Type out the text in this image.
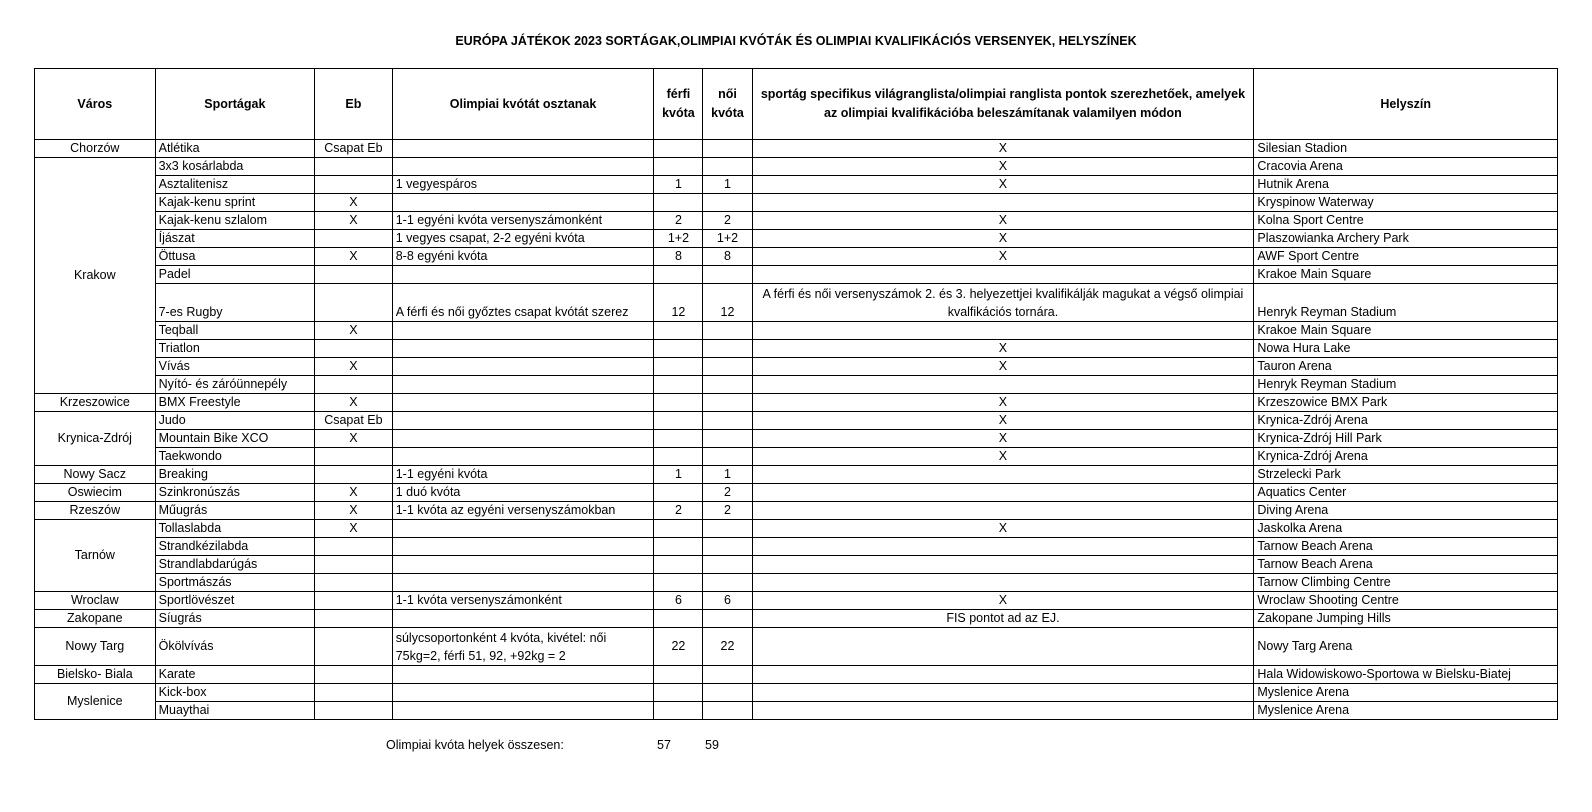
EURÓPA JÁTÉKOK 2023 SORTÁGAK,OLIMPIAI KVÓTÁK ÉS OLIMPIAI KVALIFIKÁCIÓS VERSENYEK, HELYSZÍNEK
Város	Sportágak	Eb	Olimpiai kvótát osztanak	férfi kvóta	női kvóta	sportág specifikus világranglista/olimpiai ranglista pontok szerezhetőek, amelyek az olimpiai kvalifikációba beleszámítanak valamilyen módon	Helyszín
Chorzów	Atlétika	Csapat Eb				X	Silesian Stadion
Krakow	3x3 kosárlabda					X	Cracovia Arena
	Asztalitenisz		1 vegyespáros	1	1	X	Hutnik Arena
	Kajak-kenu sprint	X					Kryspinow Waterway
	Kajak-kenu szlalom	X	1-1 egyéni kvóta versenyszámonként	2	2	X	Kolna Sport Centre
	Íjászat		1 vegyes csapat, 2-2 egyéni kvóta	1+2	1+2	X	Plaszowianka Archery Park
	Öttusa	X	8-8 egyéni kvóta	8	8	X	AWF Sport Centre
	Padel						Krakoe Main Square
	7-es Rugby		A férfi és női győztes csapat kvótát szerez	12	12	A férfi és női versenyszámok 2. és 3. helyezettjei kvalifikálják magukat a végső olimpiai kvalfikációs tornára.	Henryk Reyman Stadium
	Teqball	X					Krakoe Main Square
	Triatlon					X	Nowa Hura Lake
	Vívás	X				X	Tauron Arena
	Nyító- és záróünnepély						Henryk Reyman Stadium
Krzeszowice	BMX Freestyle	X				X	Krzeszowice BMX Park
Krynica-Zdrój	Judo	Csapat Eb				X	Krynica-Zdrój Arena
	Mountain Bike XCO	X				X	Krynica-Zdrój Hill Park
	Taekwondo					X	Krynica-Zdrój Arena
Nowy Sacz	Breaking		1-1 egyéni kvóta	1	1		Strzelecki Park
Oswiecim	Szinkronúszás	X	1 duó kvóta		2		Aquatics Center
Rzeszów	Műugrás	X	1-1 kvóta az egyéni versenyszámokban	2	2		Diving Arena
Tarnów	Tollaslabda	X				X	Jaskolka Arena
	Strandkézilabda						Tarnow Beach Arena
	Strandlabdarúgás						Tarnow Beach Arena
	Sportmászás						Tarnow Climbing Centre
Wroclaw	Sportlövészet		1-1 kvóta versenyszámonként	6	6	X	Wroclaw Shooting Centre
Zakopane	Síugrás					FIS pontot ad az EJ.	Zakopane Jumping Hills
Nowy Targ	Ökölvívás		súlycsoportonként 4 kvóta, kivétel: női 75kg=2, férfi 51, 92, +92kg = 2	22	22		Nowy Targ Arena
Bielsko- Biala	Karate						Hala Widowiskowo-Sportowa w Bielsku-Biatej
Myslenice	Kick-box						Myslenice Arena
	Muaythai						Myslenice Arena
Olimpiai kvóta helyek összesen:	57	59
